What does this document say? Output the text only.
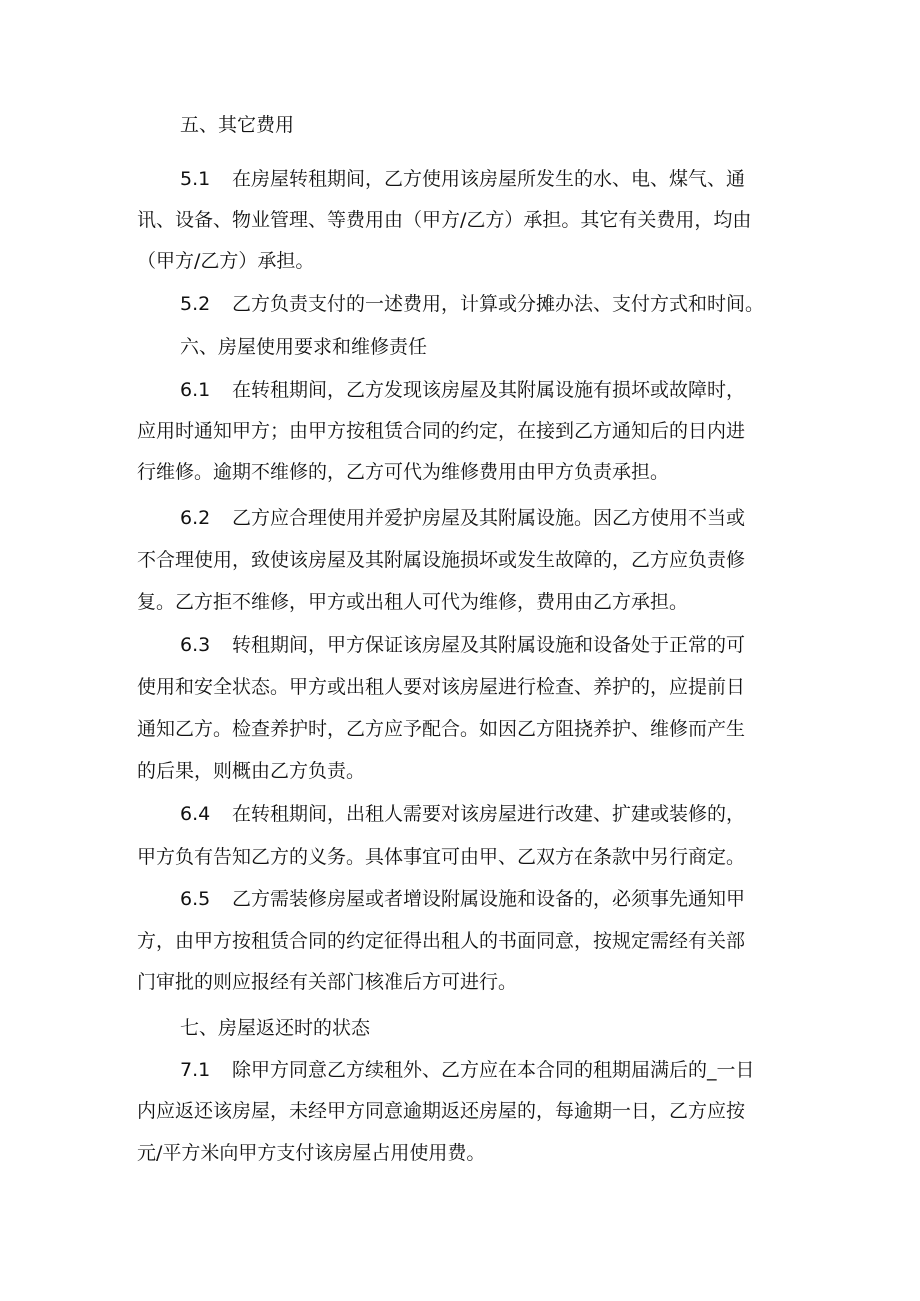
五、其它费用
5.1 在房屋转租期间，乙方使用该房屋所发生的水、电、煤气、通
讯、设备、物业管理、等费用由（甲方/乙方）承担。其它有关费用，均由
（甲方/乙方）承担。
5.2 乙方负责支付的一述费用，计算或分摊办法、支付方式和时间。
六、房屋使用要求和维修责任
6.1 在转租期间，乙方发现该房屋及其附属设施有损坏或故障时，
应用时通知甲方；由甲方按租赁合同的约定，在接到乙方通知后的日内进
行维修。逾期不维修的，乙方可代为维修费用由甲方负责承担。
6.2 乙方应合理使用并爱护房屋及其附属设施。因乙方使用不当或
不合理使用，致使该房屋及其附属设施损坏或发生故障的，乙方应负责修
复。乙方拒不维修，甲方或出租人可代为维修，费用由乙方承担。
6.3 转租期间，甲方保证该房屋及其附属设施和设备处于正常的可
使用和安全状态。甲方或出租人要对该房屋进行检查、养护的，应提前日
通知乙方。检查养护时，乙方应予配合。如因乙方阻挠养护、维修而产生
的后果，则概由乙方负责。
6.4 在转租期间，出租人需要对该房屋进行改建、扩建或装修的，
甲方负有告知乙方的义务。具体事宜可由甲、乙双方在条款中另行商定。
6.5 乙方需装修房屋或者增设附属设施和设备的，必须事先通知甲
方，由甲方按租赁合同的约定征得出租人的书面同意，按规定需经有关部
门审批的则应报经有关部门核准后方可进行。
七、房屋返还时的状态
7.1 除甲方同意乙方续租外、乙方应在本合同的租期届满后的_一日
内应返还该房屋，未经甲方同意逾期返还房屋的，每逾期一日，乙方应按
元/平方米向甲方支付该房屋占用使用费。
